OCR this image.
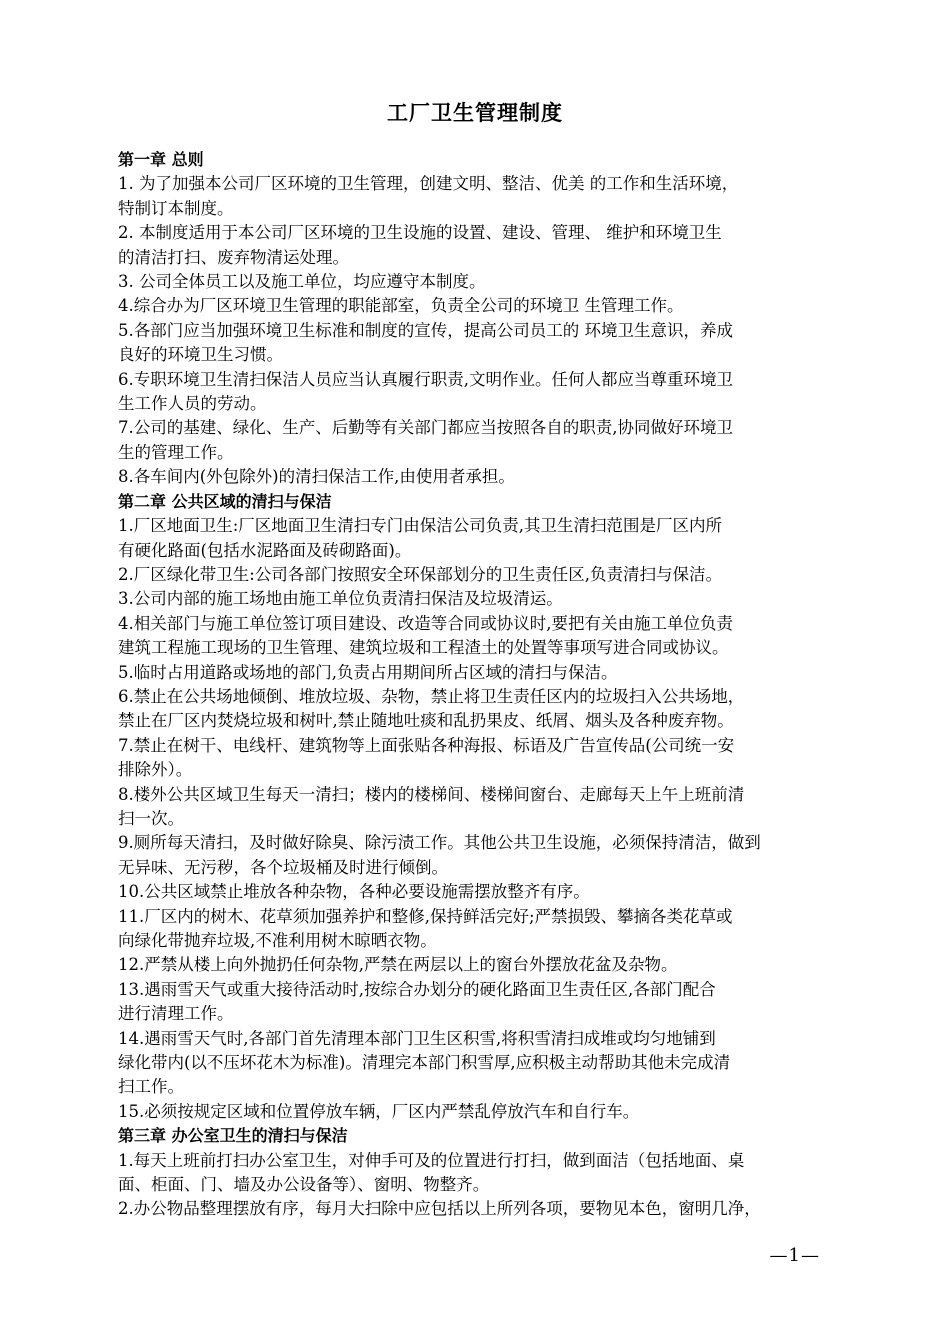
工厂卫生管理制度
第一章 总则
1. 为了加强本公司厂区环境的卫生管理，创建文明、整洁、优美 的工作和生活环境，
特制订本制度。
2. 本制度适用于本公司厂区环境的卫生设施的设置、建设、管理、 维护和环境卫生
的清洁打扫、废弃物清运处理。
3. 公司全体员工以及施工单位，均应遵守本制度。
4.综合办为厂区环境卫生管理的职能部室，负责全公司的环境卫 生管理工作。
5.各部门应当加强环境卫生标准和制度的宣传，提高公司员工的 环境卫生意识，养成
良好的环境卫生习惯。
6.专职环境卫生清扫保洁人员应当认真履行职责,文明作业。任何人都应当尊重环境卫
生工作人员的劳动。
7.公司的基建、绿化、生产、后勤等有关部门都应当按照各自的职责,协同做好环境卫
生的管理工作。
8.各车间内(外包除外)的清扫保洁工作,由使用者承担。
第二章 公共区域的清扫与保洁
1.厂区地面卫生:厂区地面卫生清扫专门由保洁公司负责,其卫生清扫范围是厂区内所
有硬化路面(包括水泥路面及砖砌路面)。
2.厂区绿化带卫生:公司各部门按照安全环保部划分的卫生责任区,负责清扫与保洁。
3.公司内部的施工场地由施工单位负责清扫保洁及垃圾清运。
4.相关部门与施工单位签订项目建设、改造等合同或协议时,要把有关由施工单位负责
建筑工程施工现场的卫生管理、建筑垃圾和工程渣土的处置等事项写进合同或协议。
5.临时占用道路或场地的部门,负责占用期间所占区域的清扫与保洁。
6.禁止在公共场地倾倒、堆放垃圾、杂物，禁止将卫生责任区内的垃圾扫入公共场地，
禁止在厂区内焚烧垃圾和树叶,禁止随地吐痰和乱扔果皮、纸屑、烟头及各种废弃物。
7.禁止在树干、电线杆、建筑物等上面张贴各种海报、标语及广告宣传品(公司统一安
排除外）。
8.楼外公共区域卫生每天一清扫；楼内的楼梯间、楼梯间窗台、走廊每天上午上班前清
扫一次。
9.厕所每天清扫，及时做好除臭、除污渍工作。其他公共卫生设施，必须保持清洁，做到
无异味、无污秽，各个垃圾桶及时进行倾倒。
10.公共区域禁止堆放各种杂物，各种必要设施需摆放整齐有序。
11.厂区内的树木、花草须加强养护和整修,保持鲜活完好;严禁损毁、攀摘各类花草或
向绿化带抛弃垃圾,不准利用树木晾晒衣物。
12.严禁从楼上向外抛扔任何杂物,严禁在两层以上的窗台外摆放花盆及杂物。
13.遇雨雪天气或重大接待活动时,按综合办划分的硬化路面卫生责任区,各部门配合
进行清理工作。
14.遇雨雪天气时,各部门首先清理本部门卫生区积雪,将积雪清扫成堆或均匀地铺到
绿化带内(以不压坏花木为标准)。清理完本部门积雪厚,应积极主动帮助其他未完成清
扫工作。
15.必须按规定区域和位置停放车辆，厂区内严禁乱停放汽车和自行车。
第三章 办公室卫生的清扫与保洁
1.每天上班前打扫办公室卫生，对伸手可及的位置进行打扫，做到面洁（包括地面、桌
面、柜面、门、墙及办公设备等）、窗明、物整齐。
2.办公物品整理摆放有序，每月大扫除中应包括以上所列各项，要物见本色，窗明几净，
—1—
